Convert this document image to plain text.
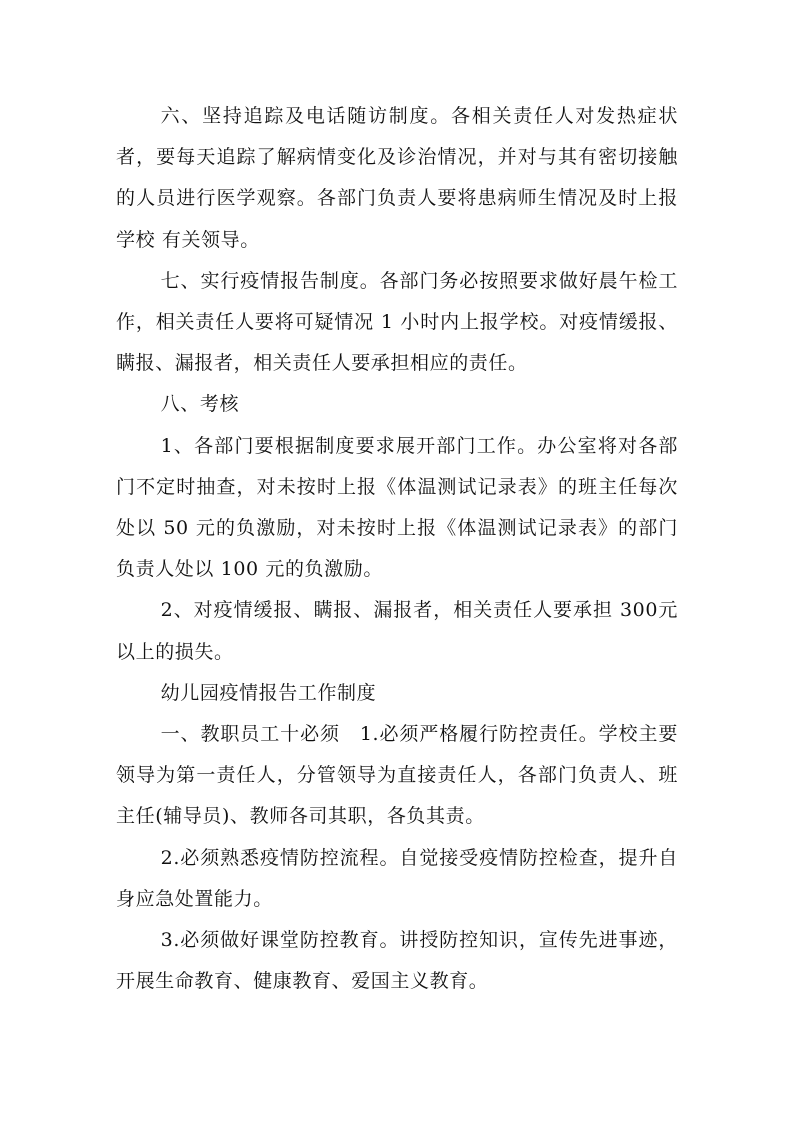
六、坚持追踪及电话随访制度。各相关责任人对发热症状者，要每天追踪了解病情变化及诊治情况，并对与其有密切接触的人员进行医学观察。各部门负责人要将患病师生情况及时上报学校 有关领导。

七、实行疫情报告制度。各部门务必按照要求做好晨午检工作，相关责任人要将可疑情况 1 小时内上报学校。对疫情缓报、瞒报、漏报者，相关责任人要承担相应的责任。

八、考核

1、各部门要根据制度要求展开部门工作。办公室将对各部门不定时抽查，对未按时上报《体温测试记录表》的班主任每次处以 50 元的负激励，对未按时上报《体温测试记录表》的部门负责人处以 100 元的负激励。

2、对疫情缓报、瞒报、漏报者，相关责任人要承担 300元以上的损失。

幼儿园疫情报告工作制度

一、教职员工十必须　1.必须严格履行防控责任。学校主要领导为第一责任人，分管领导为直接责任人，各部门负责人、班主任(辅导员)、教师各司其职，各负其责。

2.必须熟悉疫情防控流程。自觉接受疫情防控检查，提升自身应急处置能力。

3.必须做好课堂防控教育。讲授防控知识，宣传先进事迹，开展生命教育、健康教育、爱国主义教育。
